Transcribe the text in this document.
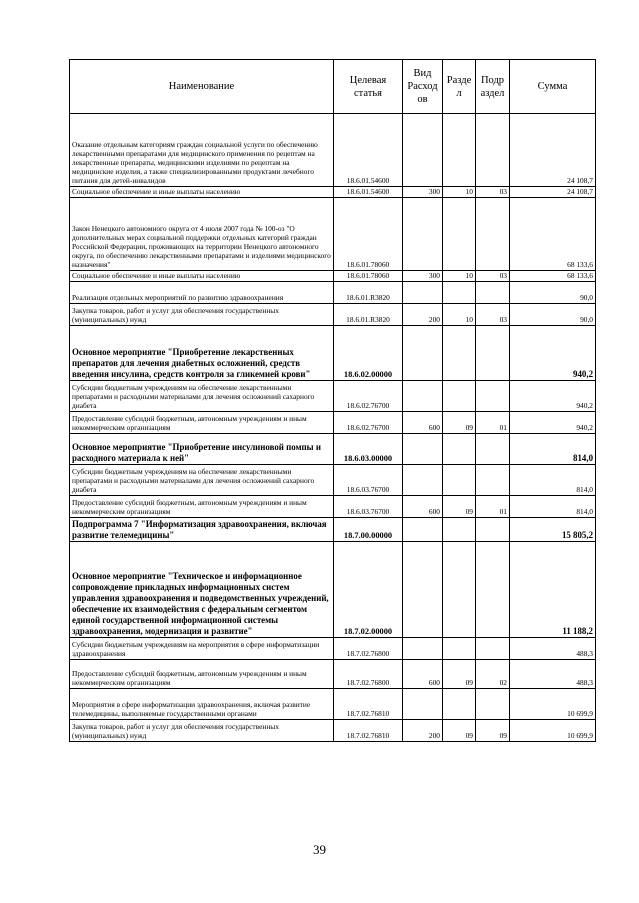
Наименование	Целевая статья	Вид Расход ов	Разде л	Подр аздел	Сумма
Оказание отдельным категориям граждан социальной услуги по обеспечению лекарственными препаратами для медицинского применения по рецептам на лекарственные препараты, медицинскими изделиями по рецептам на медицинские изделия, а также специализированными продуктами лечебного питания для детей-инвалидов	18.6.01.54600				24 108,7
Социальное обеспечение и иные выплаты населению	18.6.01.54600	300	10	03	24 108,7
Закон Ненецкого автономного округа от 4 июля 2007 года № 100-оз "О дополнительных мерах социальной поддержки отдельных категорий граждан Российской Федерации, проживающих на территории Ненецкого автономного округа, по обеспечению лекарственными препаратами и изделиями медицинского назначения"	18.6.01.78060				68 133,6
Социальное обеспечение и иные выплаты населению	18.6.01.78060	300	10	03	68 133,6
Реализация отдельных мероприятий по развитию здравоохранения	18.6.01.R3820				90,0
Закупка товаров, работ и услуг для обеспечения государственных (муниципальных) нужд	18.6.01.R3820	200	10	03	90,0
Основное мероприятие "Приобретение лекарственных препаратов для лечения диабетных осложнений, средств введения инсулина, средств контроля за гликемией крови"	18.6.02.00000				940,2
Субсидии бюджетным учреждениям на обеспечение лекарственными препаратами и расходными материалами для лечения осложнений сахарного диабета	18.6.02.76700				940,2
Предоставление субсидий бюджетным, автономным учреждениям и иным некоммерческим организациям	18.6.02.76700	600	09	01	940,2
Основное мероприятие "Приобретение инсулиновой помпы и расходного материала к ней"	18.6.03.00000				814,0
Субсидии бюджетным учреждениям на обеспечение лекарственными препаратами и расходными материалами для лечения осложнений сахарного диабета	18.6.03.76700				814,0
Предоставление субсидий бюджетным, автономным учреждениям и иным некоммерческим организациям	18.6.03.76700	600	09	01	814,0
Подпрограмма 7 "Информатизация здравоохранения, включая развитие телемедицины"	18.7.00.00000				15 805,2
Основное мероприятие "Техническое и информационное сопровождение прикладных информационных систем управления здравоохранения и подведомственных учреждений, обеспечение их взаимодействия с федеральным сегментом единой государственной информационной системы здравоохранения, модернизация и развитие"	18.7.02.00000				11 188,2
Субсидии бюджетным учреждениям на мероприятия в сфере информатизации здравоохранения	18.7.02.76800				488,3
Предоставление субсидий бюджетным, автономным учреждениям и иным некоммерческим организациям	18.7.02.76800	600	09	02	488,3
Мероприятия в сфере информатизации здравоохранения, включая развитие телемедицины, выполняемые государственными органами	18.7.02.76810				10 699,9
Закупка товаров, работ и услуг для обеспечения государственных (муниципальных) нужд	18.7.02.76810	200	09	09	10 699,9
39
